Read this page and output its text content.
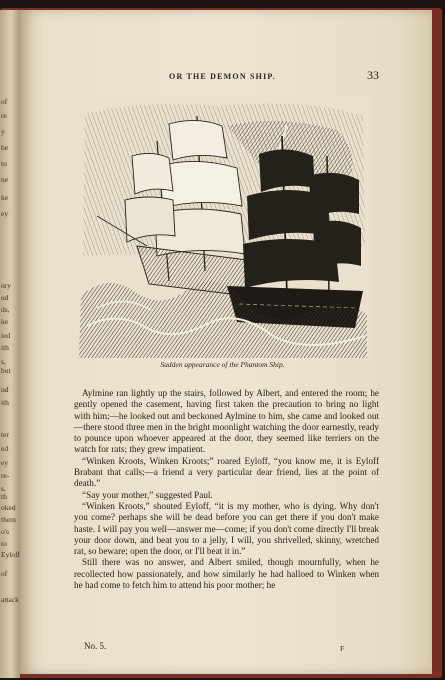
of
re
y
be
to
ne
ke
ey
ory
ud
ds,
ke
ied
ith
s,
but
nd
ith
ter
ed
ey
re-
s.
th
oked
them
o's
to
Eyloff
of
attack
OR THE DEMON SHIP.	33
Sudden appearance of the Phantom Ship.

Aylmine ran lightly up the stairs, followed by Albert, and entered the room; he gently opened the casement, having first taken the precaution to bring no light with him;—he looked out and beckoned Aylmine to him, she came and looked out—there stood three men in the bright moonlight watching the door earnestly, ready to pounce upon whoever appeared at the door, they seemed like terriers on the watch for rats; they grew impatient.

“Winken Kroots, Winken Kroots;” roared Eyloff, “you know me, it is Eyloff Brabant that calls;—a friend a very particular dear friend, lies at the point of death.”

“Say your mother,” suggested Paul.

“Winken Kroots,” shouted Eyloff, “it is my mother, who is dying. Why don't you come? perhaps she will be dead before you can get there if you don't make haste. I will pay you well—answer me—come; if you don't come directly I'll break your door down, and beat you to a jelly, I will, you shrivelled, skinny, wretched rat, so beware; open the door, or I'll beat it in.”

Still there was no answer, and Albert smiled, though mournfully, when he recollected how passionately, and how similarly he had halloed to Winken when he had come to fetch him to attend his poor mother; he

No. 5.	F
